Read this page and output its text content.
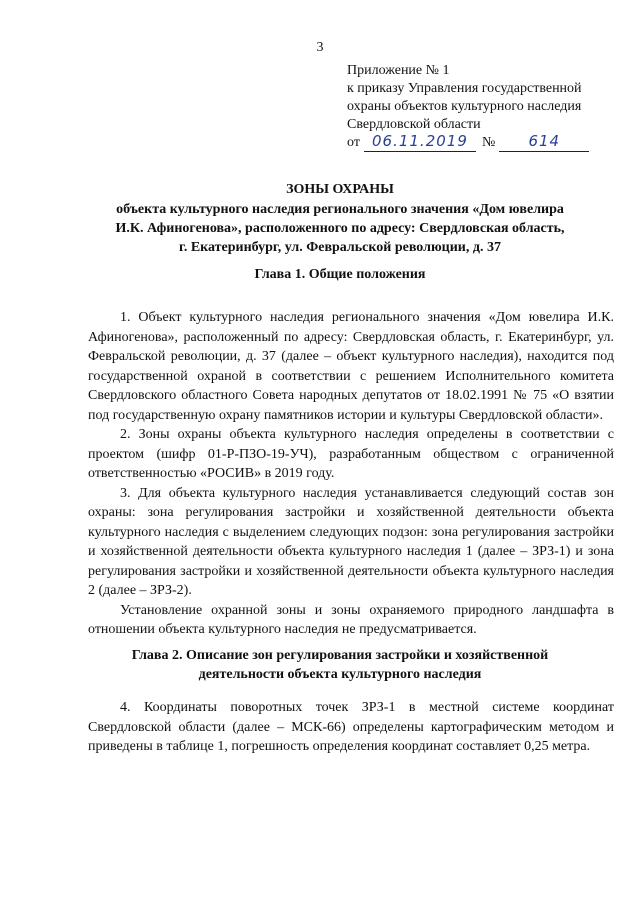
3
Приложение № 1
к приказу Управления государственной
охраны объектов культурного наследия
Свердловской области
от 06.11.2019	№	614
ЗОНЫ ОХРАНЫ
объекта культурного наследия регионального значения «Дом ювелира
И.К. Афиногенова», расположенного по адресу: Свердловская область,
г. Екатеринбург, ул. Февральской революции, д. 37
Глава 1. Общие положения

1. Объект культурного наследия регионального значения «Дом ювелира И.К. Афиногенова», расположенный по адресу: Свердловская область, г. Екатеринбург, ул. Февральской революции, д. 37 (далее – объект культурного наследия), находится под государственной охраной в соответствии с решением Исполнительного комитета Свердловского областного Совета народных депутатов от 18.02.1991 № 75 «О взятии под государственную охрану памятников истории и культуры Свердловской области».

2. Зоны охраны объекта культурного наследия определены в соответствии с проектом (шифр 01-Р-ПЗО-19-УЧ), разработанным обществом с ограниченной ответственностью «РОСИВ» в 2019 году.

3. Для объекта культурного наследия устанавливается следующий состав зон охраны: зона регулирования застройки и хозяйственной деятельности объекта культурного наследия с выделением следующих подзон: зона регулирования застройки и хозяйственной деятельности объекта культурного наследия 1 (далее – ЗРЗ-1) и зона регулирования застройки и хозяйственной деятельности объекта культурного наследия 2 (далее – ЗРЗ-2).

Установление охранной зоны и зоны охраняемого природного ландшафта в отношении объекта культурного наследия не предусматривается.

Глава 2. Описание зон регулирования застройки и хозяйственной
деятельности объекта культурного наследия

4. Координаты поворотных точек ЗРЗ-1 в местной системе координат Свердловской области (далее – МСК-66) определены картографическим методом и приведены в таблице 1, погрешность определения координат составляет 0,25 метра.
